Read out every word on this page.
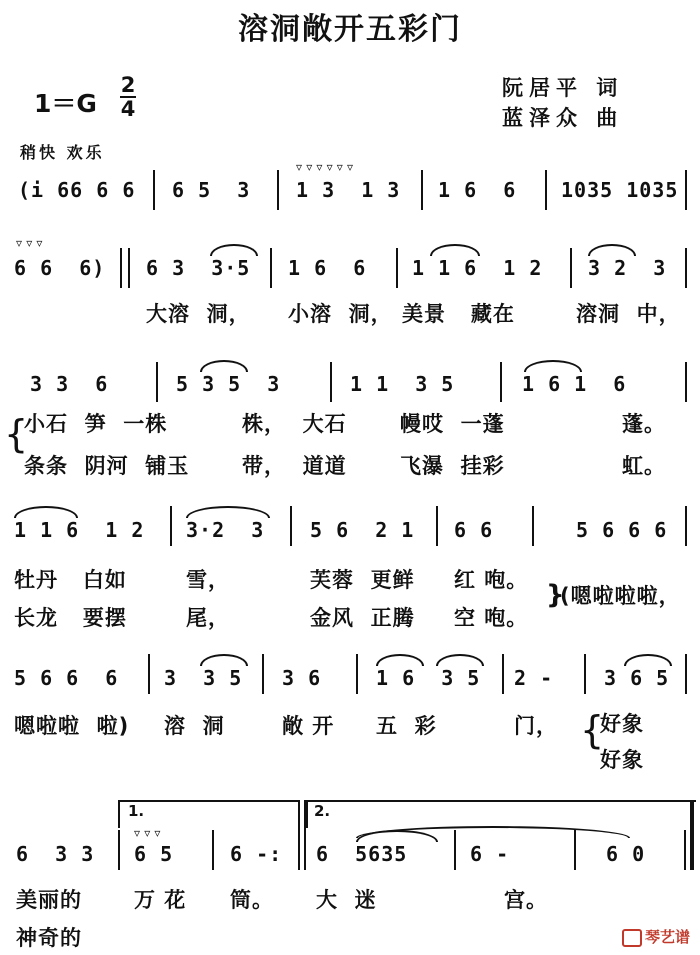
溶洞敞开五彩门
阮居平 词
蓝泽众 曲
1＝G
2
4
稍快 欢乐
▿ ▿ ▿ ▿ ▿ ▿
(i 66 6 6 6 5  3 1 3  1 3 1 6  6 1035 1035
▿ ▿ ▿
6 6  6) 6 3  3·5 1 6  6 1 1 6  1 2 3 2  3
大溶  洞， 小溶  洞， 美景   藏在	溶洞  中，
3 3  6	5 3 5  3	1 1  3 5	1 6 1  6
{
小石  笋  一株	株，  大石	幔哎  一蓬	蓬。
条条  阴河  铺玉	带，  道道	飞瀑  挂彩	虹。
1 1 6  1 2 3·2  3 5 6  2 1 6 6	5 6 6 6
牡丹   白如	雪，	芙蓉  更鲜 红 咆。 }
(嗯啦啦啦，
长龙   要摆	尾，	金风  正腾 空 咆。
5 6 6  6 3  3 5 3 6	1 6  3 5 2 -	3 6 5
嗯啦啦  啦) 溶  洞	敞 开 五  彩	门， {
好象
好象
1.	2.
▿ ▿ ▿
6  3 3 6 5	6 -: 6  5635	6 -	6 0
美丽的 万 花 筒。 大  迷	宫。
神奇的	琴艺谱
